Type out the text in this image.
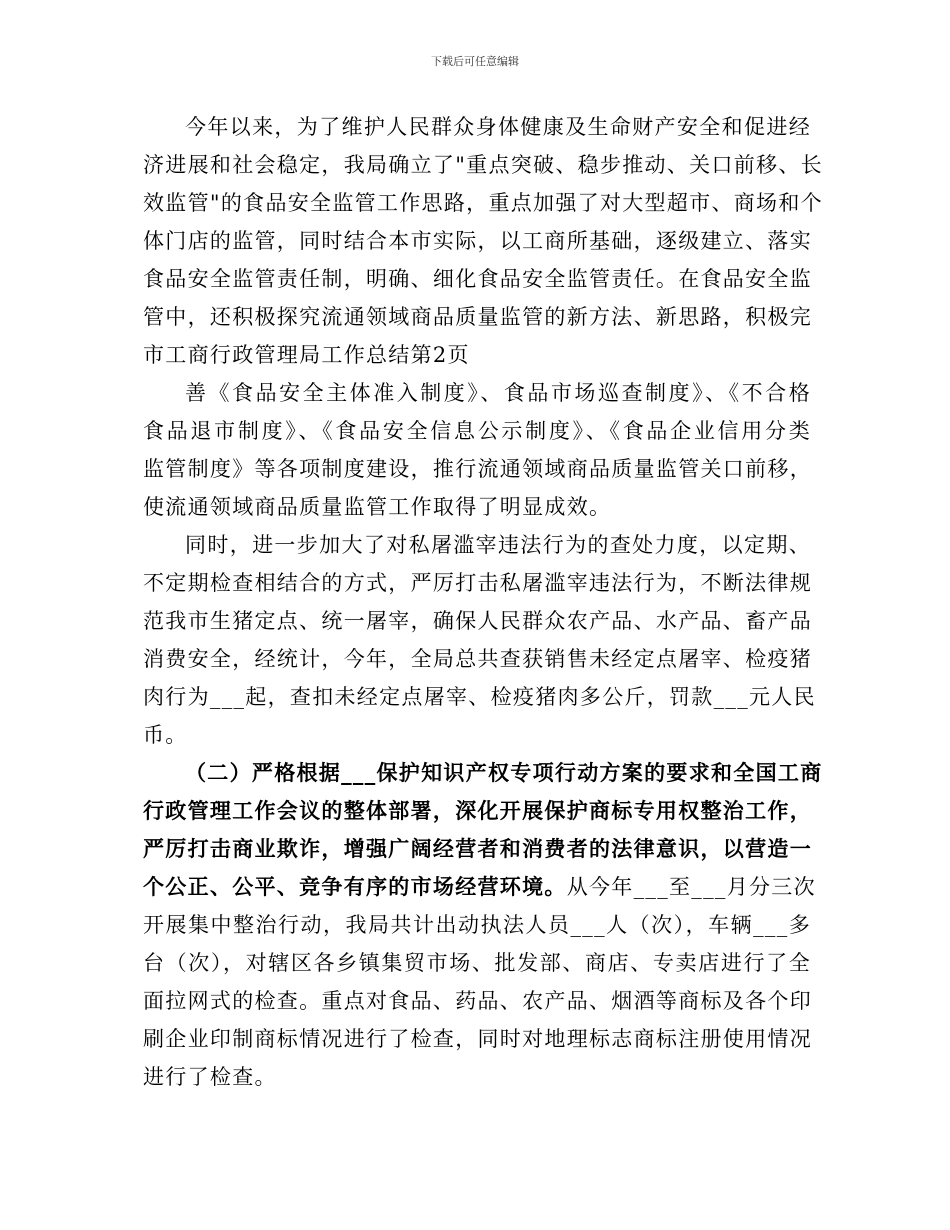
下载后可任意编辑
今年以来，为了维护人民群众身体健康及生命财产安全和促进经
济进展和社会稳定，我局确立了"重点突破、稳步推动、关口前移、长
效监管"的食品安全监管工作思路，重点加强了对大型超市、商场和个
体门店的监管，同时结合本市实际，以工商所基础，逐级建立、落实
食品安全监管责任制，明确、细化食品安全监管责任。在食品安全监
管中，还积极探究流通领域商品质量监管的新方法、新思路，积极完
市工商行政管理局工作总结第2页
善《食品安全主体准入制度》、食品市场巡查制度》、《不合格
食品退市制度》、《食品安全信息公示制度》、《食品企业信用分类
监管制度》等各项制度建设，推行流通领域商品质量监管关口前移，
使流通领域商品质量监管工作取得了明显成效。
同时，进一步加大了对私屠滥宰违法行为的查处力度，以定期、
不定期检查相结合的方式，严厉打击私屠滥宰违法行为，不断法律规
范我市生猪定点、统一屠宰，确保人民群众农产品、水产品、畜产品
消费安全，经统计，今年，全局总共查获销售未经定点屠宰、检疫猪
肉行为___起，查扣未经定点屠宰、检疫猪肉多公斤，罚款___元人民
币。
（二）严格根据___保护知识产权专项行动方案的要求和全国工商
行政管理工作会议的整体部署，深化开展保护商标专用权整治工作，
严厉打击商业欺诈，增强广阔经营者和消费者的法律意识，以营造一
个公正、公平、竞争有序的市场经营环境。从今年___至___月分三次
开展集中整治行动，我局共计出动执法人员___人（次），车辆___多
台（次），对辖区各乡镇集贸市场、批发部、商店、专卖店进行了全
面拉网式的检查。重点对食品、药品、农产品、烟酒等商标及各个印
刷企业印制商标情况进行了检查，同时对地理标志商标注册使用情况
进行了检查。
